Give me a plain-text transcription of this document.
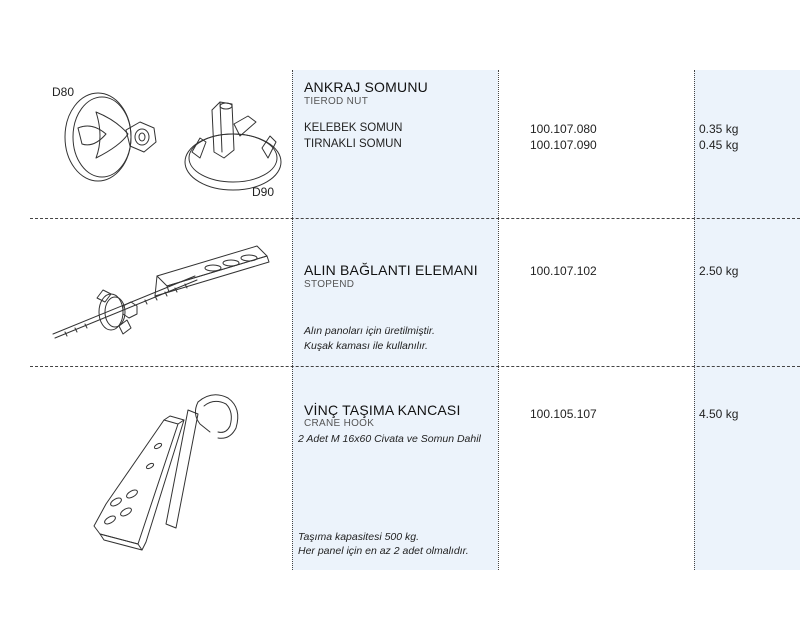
D80
D90
ANKRAJ SOMUNU
TIEROD NUT
KELEBEK SOMUN
TIRNAKLI SOMUN
100.107.080
100.107.090
0.35 kg
0.45 kg
ALIN BAĞLANTI ELEMANI
STOPEND
100.107.102	2.50 kg
Alın panoları için üretilmiştir.
Kuşak kaması ile kullanılır.
VİNÇ TAŞIMA KANCASI
CRANE HOOK
2 Adet M 16x60 Civata ve Somun Dahil
100.105.107	4.50 kg
Taşıma kapasitesi 500 kg.
Her panel için en az 2 adet olmalıdır.
